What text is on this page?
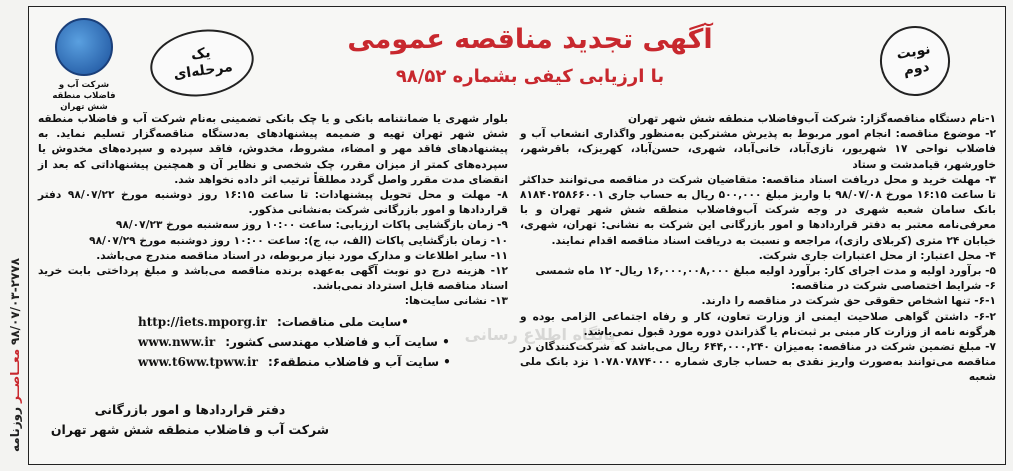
روزنامه

معــاصــر

۹۸/۰۷/۰۳-۲۷۷۸
شرکت آب و فاضلاب منطقه شش تهران
یک
مرحله‌ای
نوبت
دوم
آگهی تجدید مناقصه عمومی
با ارزیابی کیفی بشماره ۹۸/۵۲
پایگاه اطلاع رسانی

۱-نام دستگاه مناقصه‌گزار: شرکت آب‌وفاضلاب منطقه شش شهر تهران

۲- موضوع مناقصه: انجام امور مربوط به پذیرش مشترکین به‌منظور واگذاری انشعاب آب و فاضلاب نواحی ۱۷ شهریور، نازی‌آباد، خانی‌آباد، شهری، حسن‌آباد، کهریزک، باقرشهر، خاورشهر، قیامدشت و ستاد

۳- مهلت خرید و محل دریافت اسناد مناقصه: متقاضیان شرکت در مناقصه می‌توانند حداکثر تا ساعت ۱۶:۱۵ مورخ ۹۸/۰۷/۰۸ با واریز مبلغ ۵۰۰,۰۰۰ ریال به حساب جاری ۸۱۸۴۰۲۵۸۶۶۰۰۱ بانک سامان شعبه شهری در وجه شرکت آب‌وفاضلاب منطقه شش شهر تهران و با معرفی‌نامه معتبر به دفتر قراردادها و امور بازرگانی این شرکت به نشانی: تهران، شهری، خیابان ۲۴ متری (کربلای رازی)، مراجعه و نسبت به دریافت اسناد مناقصه اقدام نمایند.

۴- محل اعتبار: از محل اعتبارات جاری شرکت.

۵- برآورد اولیه و مدت اجرای کار: برآورد اولیه مبلغ ۱۶,۰۰۰,۰۰۸,۰۰۰ ریال- ۱۲ ماه شمسی

۶- شرایط اختصاصی شرکت در مناقصه:

۶-۱- تنها اشخاص حقوقی حق شرکت در مناقصه را دارند.

۶-۲- داشتن گواهی صلاحیت ایمنی از وزارت تعاون، کار و رفاه اجتماعی الزامی بوده و هرگونه نامه از وزارت کار مبنی بر ثبت‌نام یا گذراندن دوره مورد قبول نمی‌باشد.

۷- مبلغ تضمین شرکت در مناقصه: به‌میزان ۶۴۴,۰۰۰,۲۴۰ ریال می‌باشد که شرکت‌کنندگان در مناقصه می‌توانند به‌صورت واریز نقدی به حساب جاری شماره ۱۰۷۸۰۷۸۷۴۰۰۰ نزد بانک ملی شعبه

بلوار شهری یا ضمانتنامه بانکی و یا چک بانکی تضمینی به‌نام شرکت آب و فاضلاب منطقه شش شهر تهران تهیه و ضمیمه پیشنهادهای به‌دستگاه مناقصه‌گزار تسلیم نماید. به پیشنهادهای فاقد مهر و امضاء، مشروط، مخدوش، فاقد سپرده و سپرده‌های مخدوش یا سپرده‌های کمتر از میزان مقرر، چک شخصی و نظایر آن و همچنین پیشنهاداتی که بعد از انقضای مدت مقرر واصل گردد مطلقاً ترتیب اثر داده نخواهد شد.

۸- مهلت و محل تحویل پیشنهادات: تا ساعت ۱۶:۱۵ روز دوشنبه مورخ ۹۸/۰۷/۲۲ دفتر قراردادها و امور بازرگانی شرکت به‌نشانی مذکور.

۹- زمان بازگشایی پاکات ارزیابی: ساعت ۱۰:۰۰ روز سه‌شنبه مورخ ۹۸/۰۷/۲۳

۱۰- زمان بازگشایی پاکات (الف، ب، ج): ساعت ۱۰:۰۰ روز دوشنبه مورخ ۹۸/۰۷/۲۹

۱۱- سایر اطلاعات و مدارک مورد نیاز مربوطه، در اسناد مناقصه مندرج می‌باشد.

۱۲- هزینه درج دو نوبت آگهی به‌عهده برنده مناقصه می‌باشد و مبلغ پرداختی بابت خرید اسناد مناقصه قابل استرداد نمی‌باشد.

۱۳- نشانی سایت‌ها:

http://iets.mporg.ir •سایت ملی مناقصات:
www.nww.ir • سایت آب و فاضلاب مهندسی کشور:
www.t6ww.tpww.ir • سایت آب و فاضلاب منطقه۶:
دفتر قراردادها و امور بازرگانی
شرکت آب و فاضلاب منطقه شش شهر تهران
